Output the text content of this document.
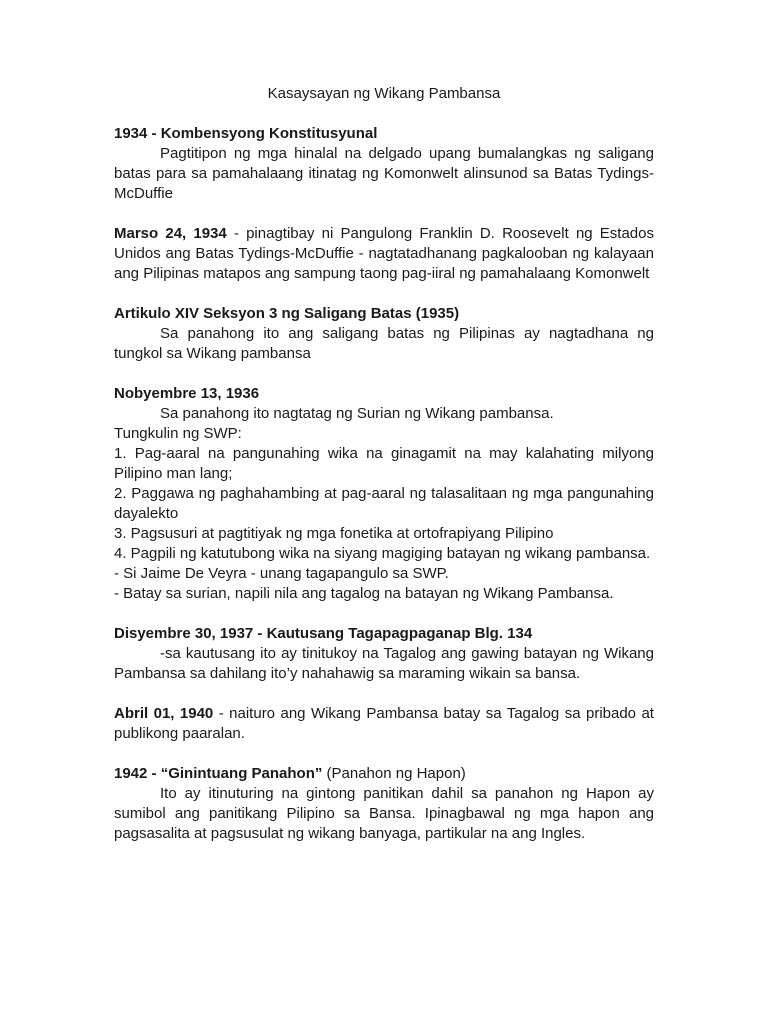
Kasaysayan ng Wikang Pambansa
1934 - Kombensyong Konstitusyunal

Pagtitipon ng mga hinalal na delgado upang bumalangkas ng saligang batas para sa pamahalaang itinatag ng Komonwelt alinsunod sa Batas Tydings-McDuffie

Marso 24, 1934 - pinagtibay ni Pangulong Franklin D. Roosevelt ng Estados Unidos ang Batas Tydings-McDuffie - nagtatadhanang pagkalooban ng kalayaan ang Pilipinas matapos ang sampung taong pag-iiral ng pamahalaang Komonwelt

Artikulo XIV Seksyon 3 ng Saligang Batas (1935)

Sa panahong ito ang saligang batas ng Pilipinas ay nagtadhana ng tungkol sa Wikang pambansa

Nobyembre 13, 1936

Sa panahong ito nagtatag ng Surian ng Wikang pambansa.

Tungkulin ng SWP:

1. Pag-aaral na pangunahing wika na ginagamit na may kalahating milyong Pilipino man lang;

2. Paggawa ng paghahambing at pag-aaral ng talasalitaan ng mga pangunahing dayalekto

3. Pagsusuri at pagtitiyak ng mga fonetika at ortofrapiyang Pilipino

4. Pagpili ng katutubong wika na siyang magiging batayan ng wikang pambansa.

- Si Jaime De Veyra - unang tagapangulo sa SWP.

- Batay sa surian, napili nila ang tagalog na batayan ng Wikang Pambansa.

Disyembre 30, 1937 - Kautusang Tagapagpaganap Blg. 134

-sa kautusang ito ay tinitukoy na Tagalog ang gawing batayan ng Wikang Pambansa sa dahilang ito’y nahahawig sa maraming wikain sa bansa.

Abril 01, 1940 - naituro ang Wikang Pambansa batay sa Tagalog sa pribado at publikong paaralan.

1942 - “Ginintuang Panahon” (Panahon ng Hapon)

Ito ay itinuturing na gintong panitikan dahil sa panahon ng Hapon ay sumibol ang panitikang Pilipino sa Bansa. Ipinagbawal ng mga hapon ang pagsasalita at pagsusulat ng wikang banyaga, partikular na ang Ingles.
